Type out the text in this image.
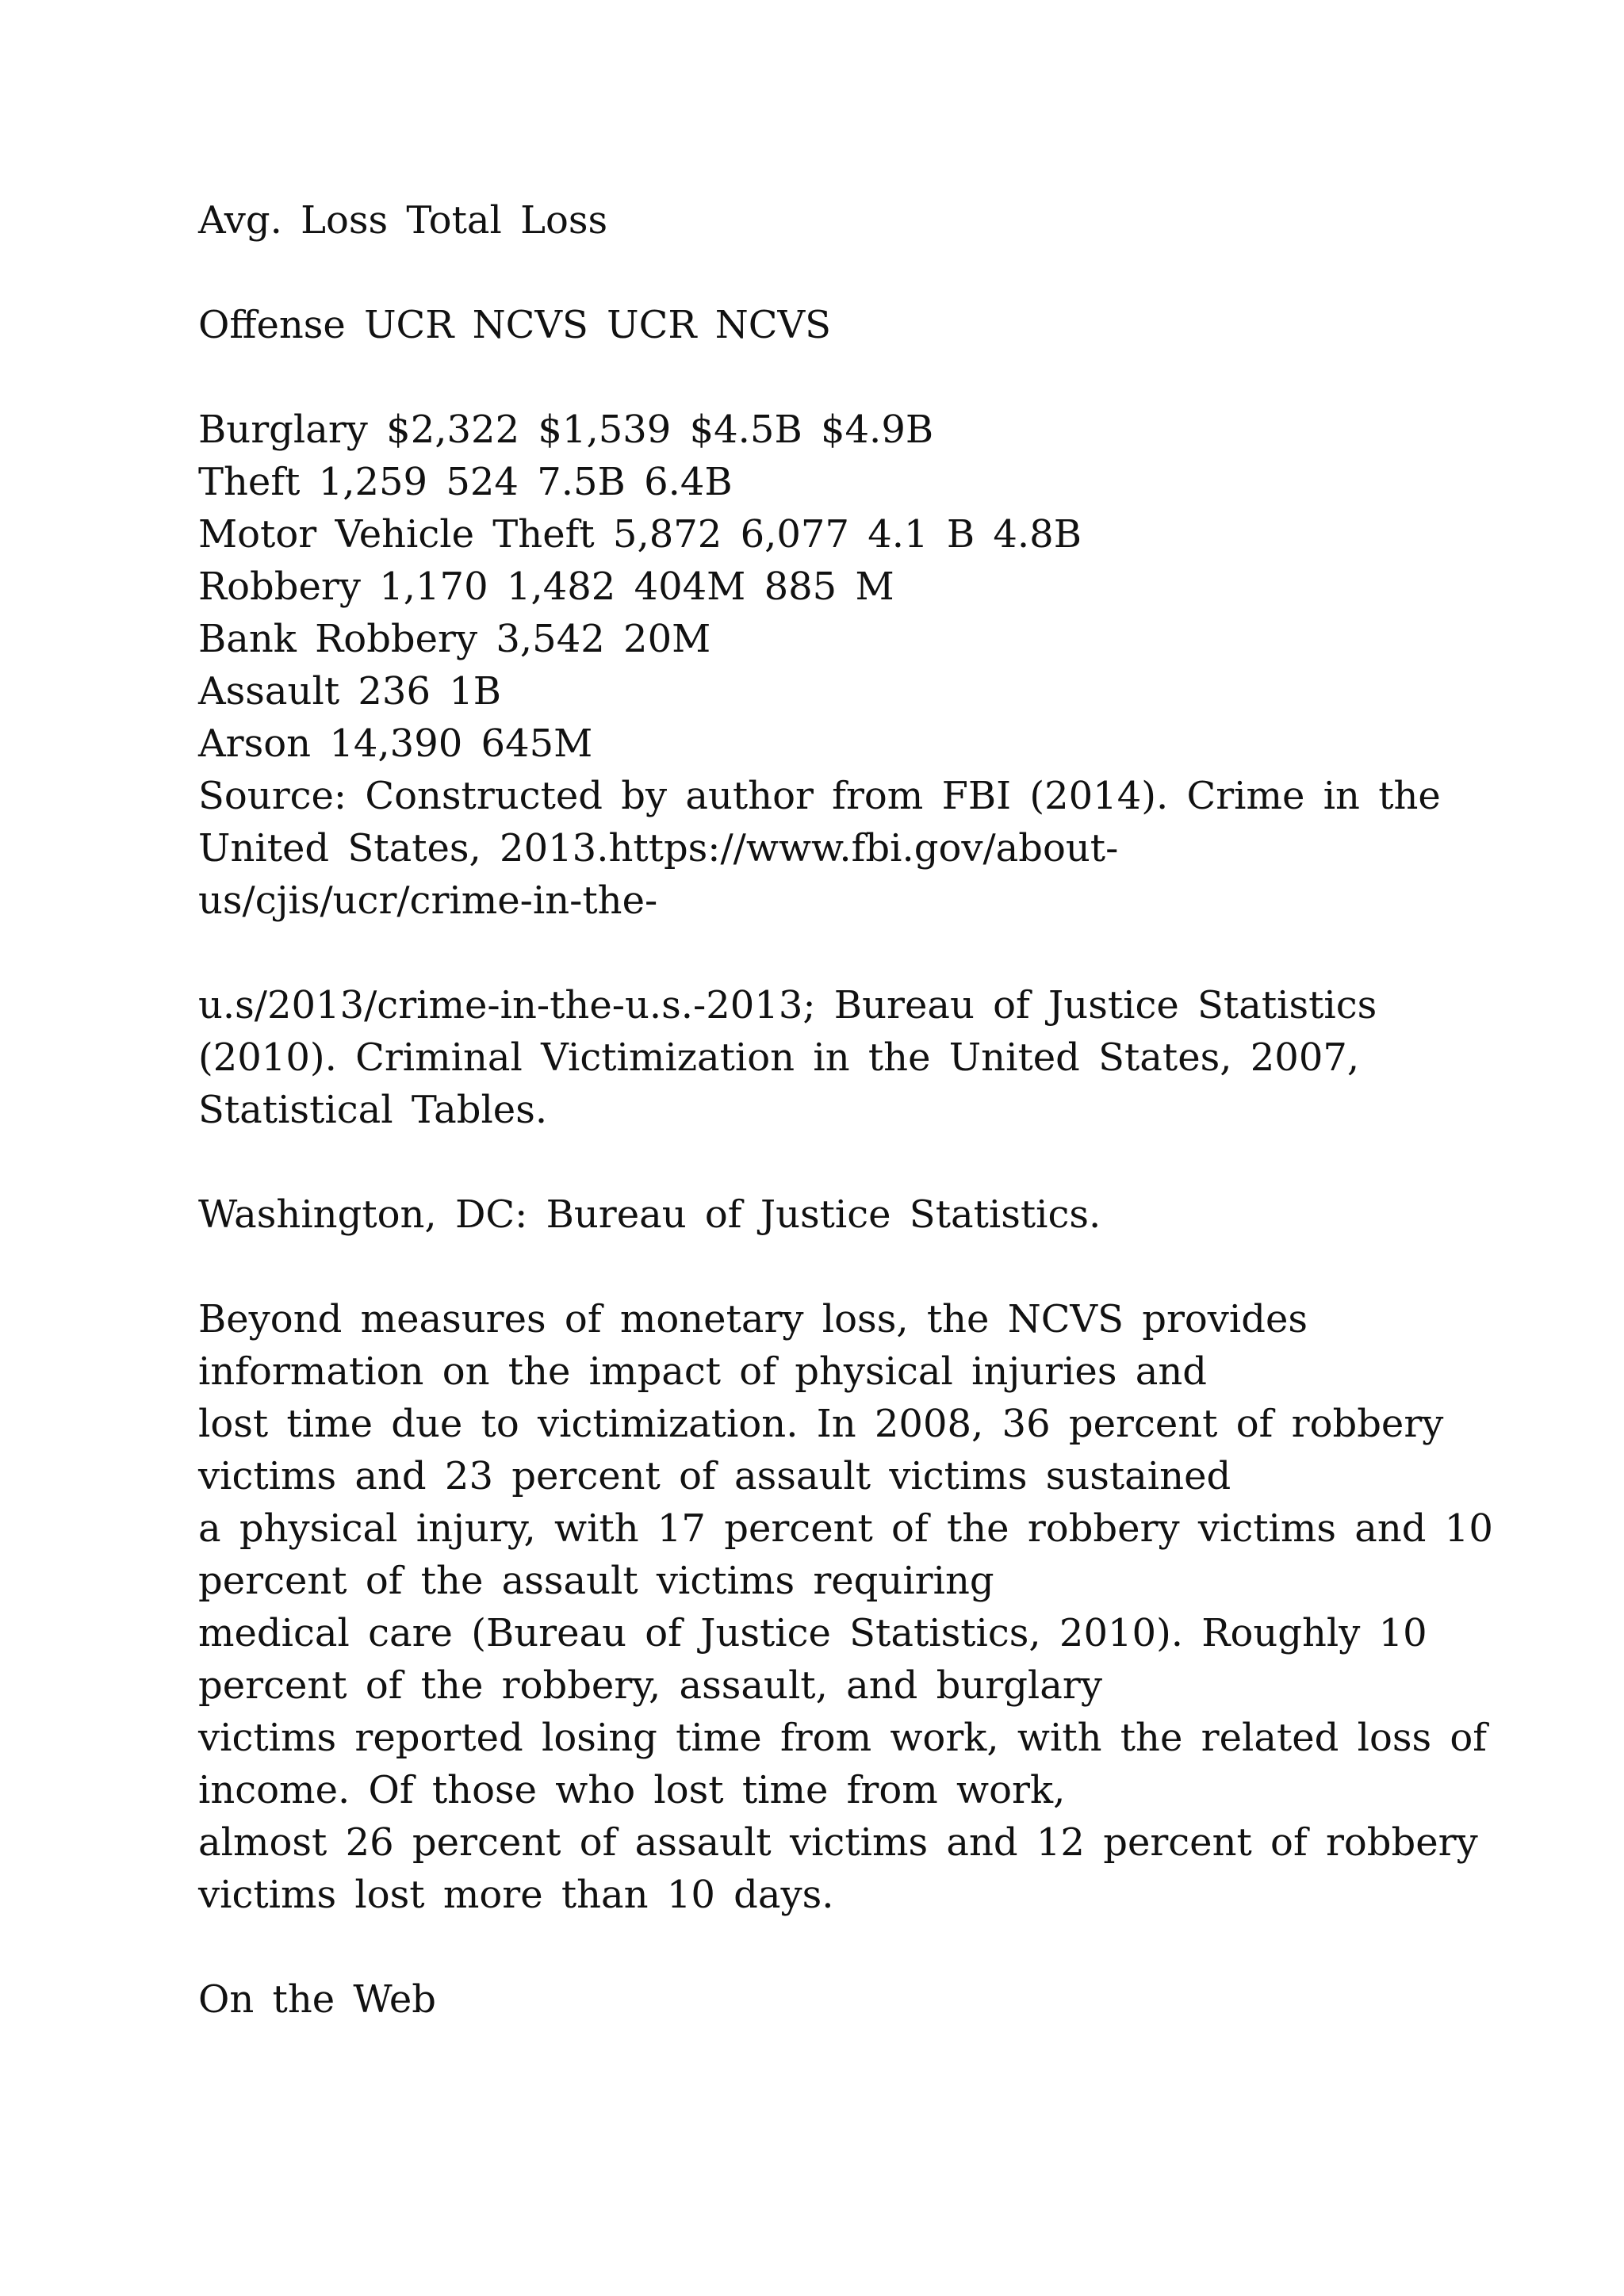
Avg. Loss Total Loss
Offense UCR NCVS UCR NCVS
Burglary $2,322 $1,539 $4.5B $4.9B
Theft 1,259 524 7.5B 6.4B
Motor Vehicle Theft 5,872 6,077 4.1 B 4.8B
Robbery 1,170 1,482 404M 885 M
Bank Robbery 3,542 20M
Assault 236 1B
Arson 14,390 645M
Source: Constructed by author from FBI (2014). Crime in the
United States, 2013.https://www.fbi.gov/about-
us/cjis/ucr/crime-in-the-
u.s/2013/crime-in-the-u.s.-2013; Bureau of Justice Statistics
(2010). Criminal Victimization in the United States, 2007,
Statistical Tables.
Washington, DC: Bureau of Justice Statistics.
Beyond measures of monetary loss, the NCVS provides
information on the impact of physical injuries and
lost time due to victimization. In 2008, 36 percent of robbery
victims and 23 percent of assault victims sustained
a physical injury, with 17 percent of the robbery victims and 10
percent of the assault victims requiring
medical care (Bureau of Justice Statistics, 2010). Roughly 10
percent of the robbery, assault, and burglary
victims reported losing time from work, with the related loss of
income. Of those who lost time from work,
almost 26 percent of assault victims and 12 percent of robbery
victims lost more than 10 days.
On the Web
